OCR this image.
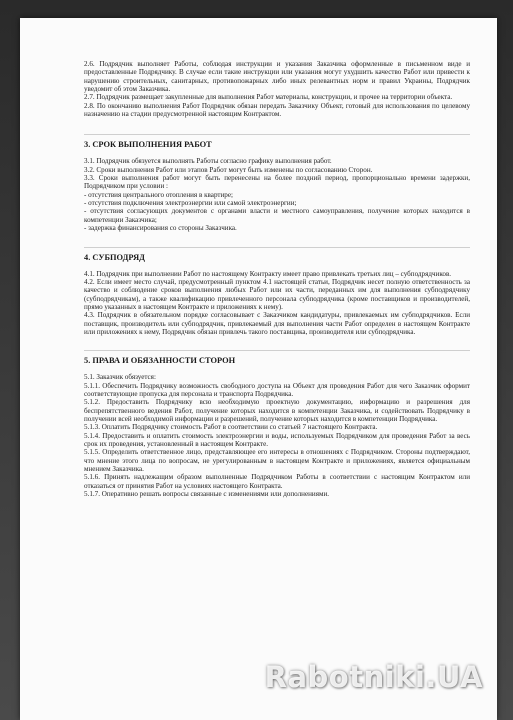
2.6. Подрядчик выполняет Работы, соблюдая инструкции и указания Заказчика оформленные в письменном виде и предоставленные Подрядчику. В случае если такие инструкции или указания могут ухудшить качество Работ или привести к нарушению строительных, санитарных, противопожарных либо иных релевантных норм и правил Украины, Подрядчик уведомит об этом Заказчика.

2.7. Подрядчик размещает закупленные для выполнения Работ материалы, конструкции, и прочее на территории объекта.

2.8. По окончанию выполнения Работ Подрядчик обязан передать Заказчику Объект, готовый для использования по целевому назначению на стадии предусмотренной настоящим Контрактом.

3. СРОК ВЫПОЛНЕНИЯ РАБОТ

3.1. Подрядчик обязуется выполнять Работы согласно графику выполнения работ.

3.2. Сроки выполнения Работ или этапов Работ могут быть изменены по согласованию Сторон.

3.3. Сроки выполнения работ могут быть перенесены на более поздний период, пропорционально времени задержки, Подрядчиком при условии :

- отсутствия центрального отопления в квартире;

- отсутствия подключения электроэнергии или самой электроэнергии;

- отсутствия согласующих документов с органами власти и местного самоуправления, получение которых находится в компетенции Заказчика;

- задержка финансирования со стороны Заказчика.

4. СУБПОДРЯД

4.1. Подрядчик при выполнении Работ по настоящему Контракту имеет право привлекать третьих лиц – субподрядчиков.

4.2. Если имеет место случай, предусмотренный пунктом 4.1 настоящей статьи, Подрядчик несет полную ответственность за качество и соблюдение сроков выполнения любых Работ или их части, переданных им для выполнения субподрядчику (субподрядчикам), а также квалификацию привлеченного персонала субподрядчика (кроме поставщиков и производителей, прямо указанных в настоящем Контракте и приложениях к нему).

4.3. Подрядчик в обязательном порядке согласовывает с Заказчиком кандидатуры, привлекаемых им субподрядчиков. Если поставщик, производитель или субподрядчик, привлекаемый для выполнения части Работ определен в настоящем Контракте или приложениях к нему, Подрядчик обязан привлечь такого поставщика, производителя или субподрядчика.

5. ПРАВА И ОБЯЗАННОСТИ СТОРОН

5.1. Заказчик обязуется:

5.1.1. Обеспечить Подрядчику возможность свободного доступа на Объект для проведения Работ для чего Заказчик оформит соответствующие пропуска для персонала и транспорта Подрядчика.

5.1.2. Предоставить Подрядчику всю необходимую проектную документацию, информацию и разрешения для беспрепятственного ведения Работ, получение которых находится в компетенции Заказчика, и содействовать Подрядчику в получении всей необходимой информации и разрешений, получение которых находится в компетенции Подрядчика.

5.1.3. Оплатить Подрядчику стоимость Работ в соответствии со статьей 7 настоящего Контракта.

5.1.4. Предоставить и оплатить стоимость электроэнергии и воды, используемых Подрядчиком для проведения Работ за весь срок их проведения, установленный в настоящем Контракте.

5.1.5. Определить ответственное лицо, представляющее его интересы в отношениях с Подрядчиком. Стороны подтверждают, что мнение этого лица по вопросам, не урегулированным в настоящем Контракте и приложениях, является официальным мнением Заказчика.

5.1.6. Принять надлежащим образом выполненные Подрядчиком Работы в соответствии с настоящим Контрактом или отказаться от принятия Работ на условиях настоящего Контракта.

5.1.7. Оперативно решать вопросы связанные с изменениями или дополнениями.

Rabotniki.UA
